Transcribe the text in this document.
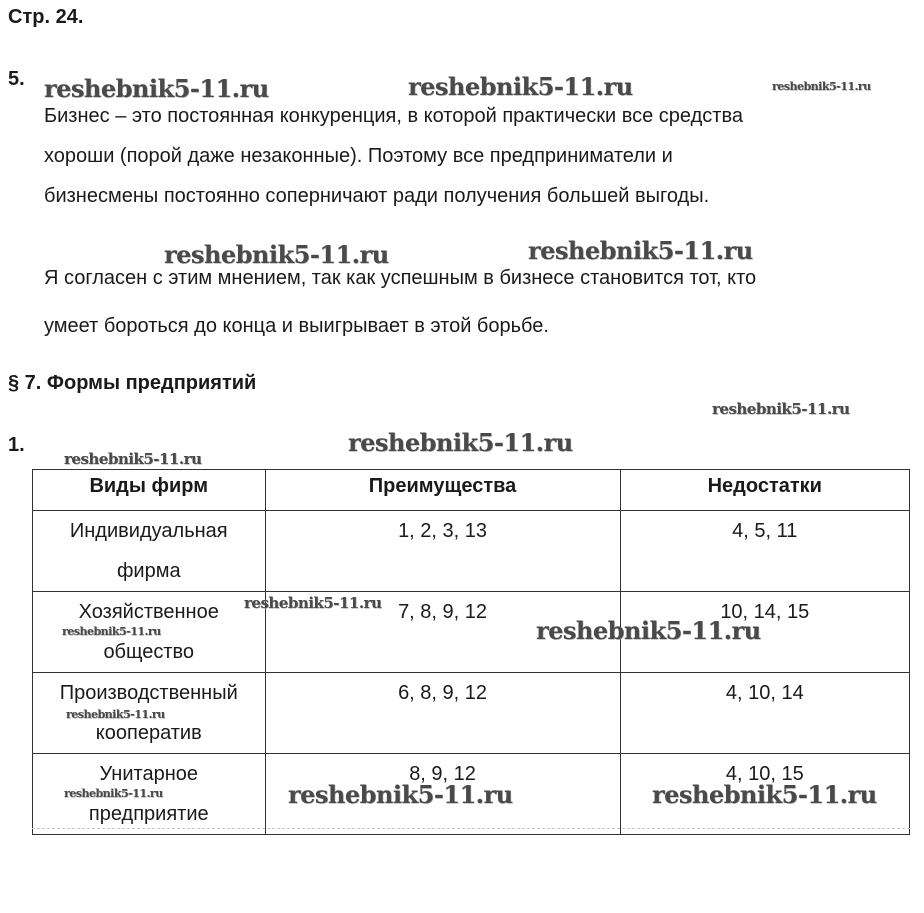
Стр. 24.
5.
Бизнес – это постоянная конкуренция, в которой практически все средства
хороши (порой даже незаконные). Поэтому все предприниматели и
бизнесмены постоянно соперничают ради получения большей выгоды.
Я согласен с этим мнением, так как успешным в бизнесе становится тот, кто
умеет бороться до конца и выигрывает в этой борьбе.
§ 7. Формы предприятий
1.
Виды фирм	Преимущества	Недостатки

Индивидуальная
фирма	1, 2, 3, 13	4, 5, 11

Хозяйственное
общество	7, 8, 9, 12	10, 14, 15

Производственный
кооператив	6, 8, 9, 12	4, 10, 14

Унитарное
предприятие	8, 9, 12	4, 10, 15
reshebnik5-11.ru	reshebnik5-11.ru	reshebnik5-11.ru
reshebnik5-11.ru	reshebnik5-11.ru
reshebnik5-11.ru
reshebnik5-11.ru
reshebnik5-11.ru
reshebnik5-11.ru
reshebnik5-11.ru
reshebnik5-11.ru
reshebnik5-11.ru
reshebnik5-11.ru	reshebnik5-11.ru	reshebnik5-11.ru
